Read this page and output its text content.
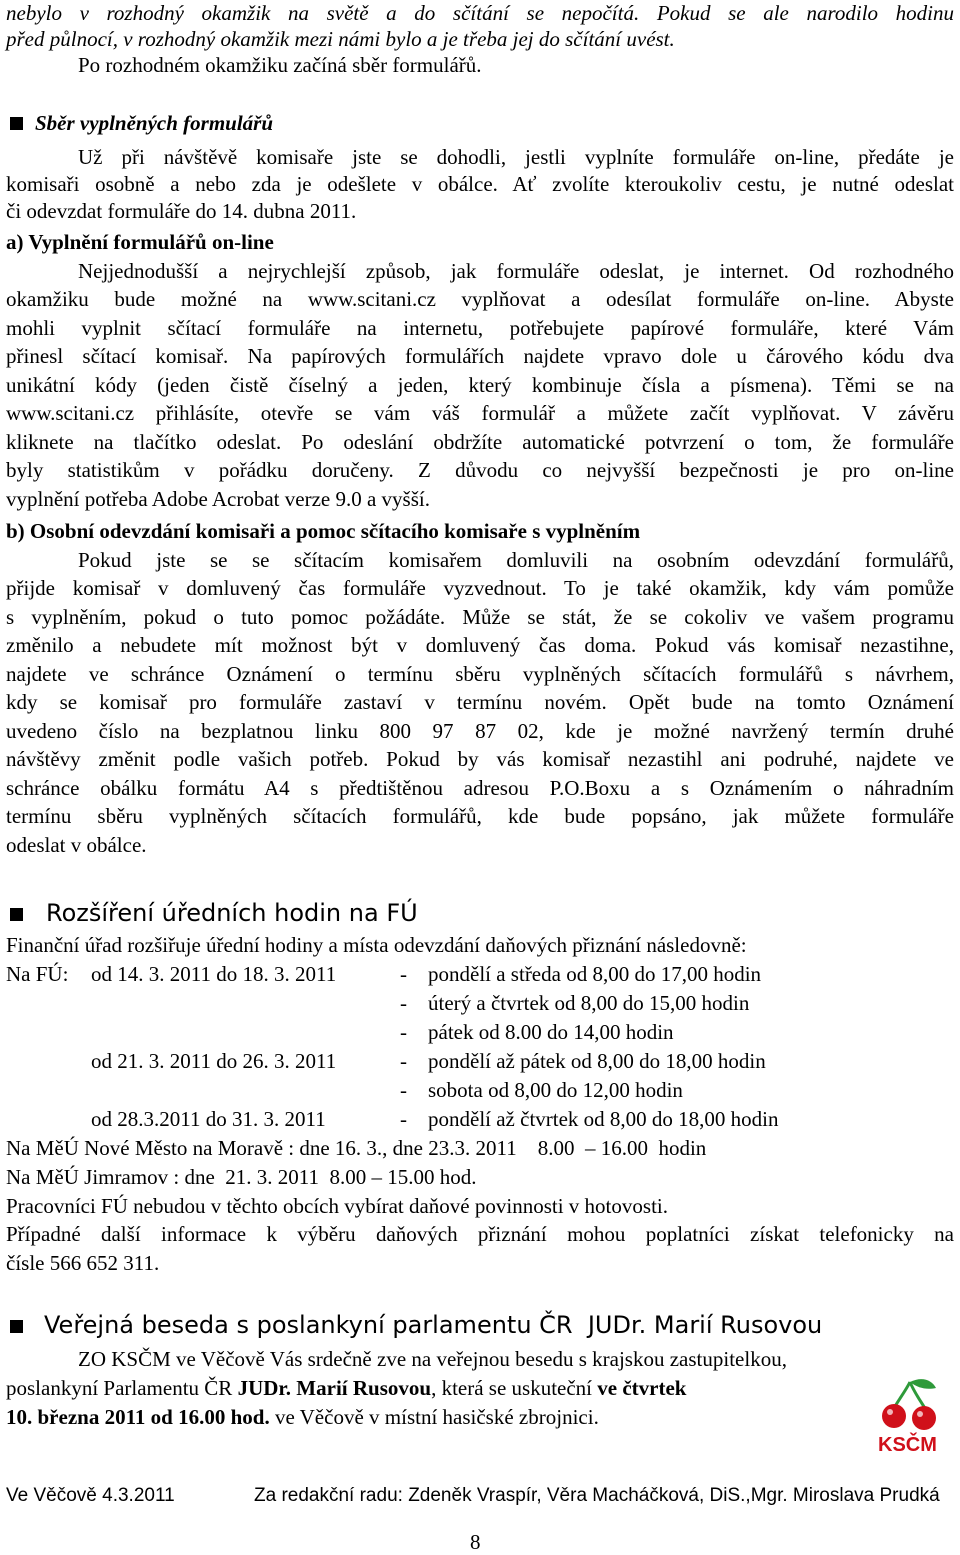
nebylo v rozhodný okamžik na světě a do sčítání se nepočítá. Pokud se ale narodilo hodinu
před půlnocí, v rozhodný okamžik mezi námi bylo a je třeba jej do sčítání uvést.
Po rozhodném okamžiku začíná sběr formulářů.
Sběr vyplněných formulářů
Už při návštěvě komisaře jste se dohodli, jestli vyplníte formuláře on-line, předáte je
komisaři osobně a nebo zda je odešlete v obálce. Ať zvolíte kteroukoliv cestu, je nutné odeslat
či odevzdat formuláře do 14. dubna 2011.
a) Vyplnění formulářů on-line
Nejjednodušší a nejrychlejší způsob, jak formuláře odeslat, je internet. Od rozhodného
okamžiku bude možné na www.scitani.cz vyplňovat a odesílat formuláře on-line. Abyste
mohli vyplnit sčítací formuláře na internetu, potřebujete papírové formuláře, které Vám
přinesl sčítací komisař. Na papírových formulářích najdete vpravo dole u čárového kódu dva
unikátní kódy (jeden čistě číselný a jeden, který kombinuje čísla a písmena). Těmi se na
www.scitani.cz přihlásíte, otevře se vám váš formulář a můžete začít vyplňovat. V závěru
kliknete na tlačítko odeslat. Po odeslání obdržíte automatické potvrzení o tom, že formuláře
byly statistikům v pořádku doručeny. Z důvodu co nejvyšší bezpečnosti je pro on-line
vyplnění potřeba Adobe Acrobat verze 9.0 a vyšší.
b) Osobní odevzdání komisaři a pomoc sčítacího komisaře s vyplněním
Pokud jste se se sčítacím komisařem domluvili na osobním odevzdání formulářů,
přijde komisař v domluvený čas formuláře vyzvednout. To je také okamžik, kdy vám pomůže
s vyplněním, pokud o tuto pomoc požádáte. Může se stát, že se cokoliv ve vašem programu
změnilo a nebudete mít možnost být v domluvený čas doma. Pokud vás komisař nezastihne,
najdete ve schránce Oznámení o termínu sběru vyplněných sčítacích formulářů s návrhem,
kdy se komisař pro formuláře zastaví v termínu novém. Opět bude na tomto Oznámení
uvedeno číslo na bezplatnou linku 800 97 87 02, kde je možné navržený termín druhé
návštěvy změnit podle vašich potřeb. Pokud by vás komisař nezastihl ani podruhé, najdete ve
schránce obálku formátu A4 s předtištěnou adresou P.O.Boxu a s Oznámením o náhradním
termínu sběru vyplněných sčítacích formulářů, kde bude popsáno, jak můžete formuláře
odeslat v obálce.
Rozšíření úředních hodin na FÚ
Finanční úřad rozšiřuje úřední hodiny a místa odevzdání daňových přiznání následovně:
Na FÚ: od 14. 3. 2011 do 18. 3. 2011	- pondělí a středa od 8,00 do 17,00 hodin
- úterý a čtvrtek od 8,00 do 15,00 hodin
- pátek od 8.00 do 14,00 hodin
od 21. 3. 2011 do 26. 3. 2011	- pondělí až pátek od 8,00 do 18,00 hodin
- sobota od 8,00 do 12,00 hodin
od 28.3.2011 do 31. 3. 2011	- pondělí až čtvrtek od 8,00 do 18,00 hodin
Na MěÚ Nové Město na Moravě : dne 16. 3., dne 23.3. 2011    8.00  – 16.00  hodin
Na MěÚ Jimramov : dne  21. 3. 2011  8.00 – 15.00 hod.
Pracovníci FÚ nebudou v těchto obcích vybírat daňové povinnosti v hotovosti.
Případné další informace k výběru daňových přiznání mohou poplatníci získat telefonicky na
čísle 566 652 311.
Veřejná beseda s poslankyní parlamentu ČR  JUDr. Marií Rusovou
ZO KSČM ve Věčově Vás srdečně zve na veřejnou besedu s krajskou zastupitelkou,
poslankyní Parlamentu ČR JUDr. Marií Rusovou, která se uskuteční ve čtvrtek
10. března 2011 od 16.00 hod. ve Věčově v místní hasičské zbrojnici.
KSČM
Ve Věčově 4.3.2011	Za redakční radu: Zdeněk Vraspír, Věra Macháčková, DiS.,Mgr. Miroslava Prudká
8
